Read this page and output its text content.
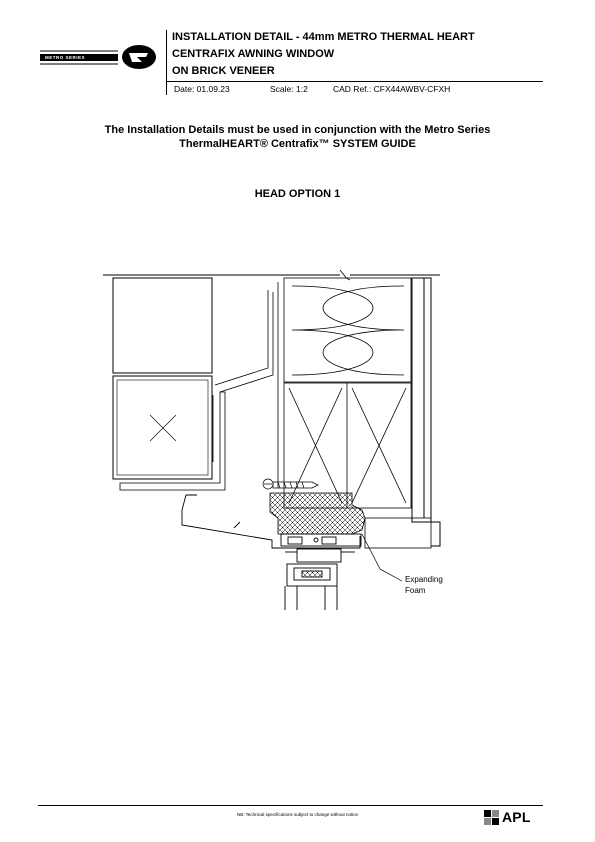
METRO SERIES
INSTALLATION DETAIL - 44mm METRO THERMAL HEART
CENTRAFIX AWNING WINDOW
ON BRICK VENEER
Date: 01.09.23	Scale: 1:2	CAD Ref.: CFX44AWBV-CFXH
The Installation Details must be used in conjunction with the Metro Series
ThermalHEART® Centrafix™ SYSTEM GUIDE
HEAD OPTION 1
Expanding
Foam
NB: Technical specifications subject to change without notice	APL
